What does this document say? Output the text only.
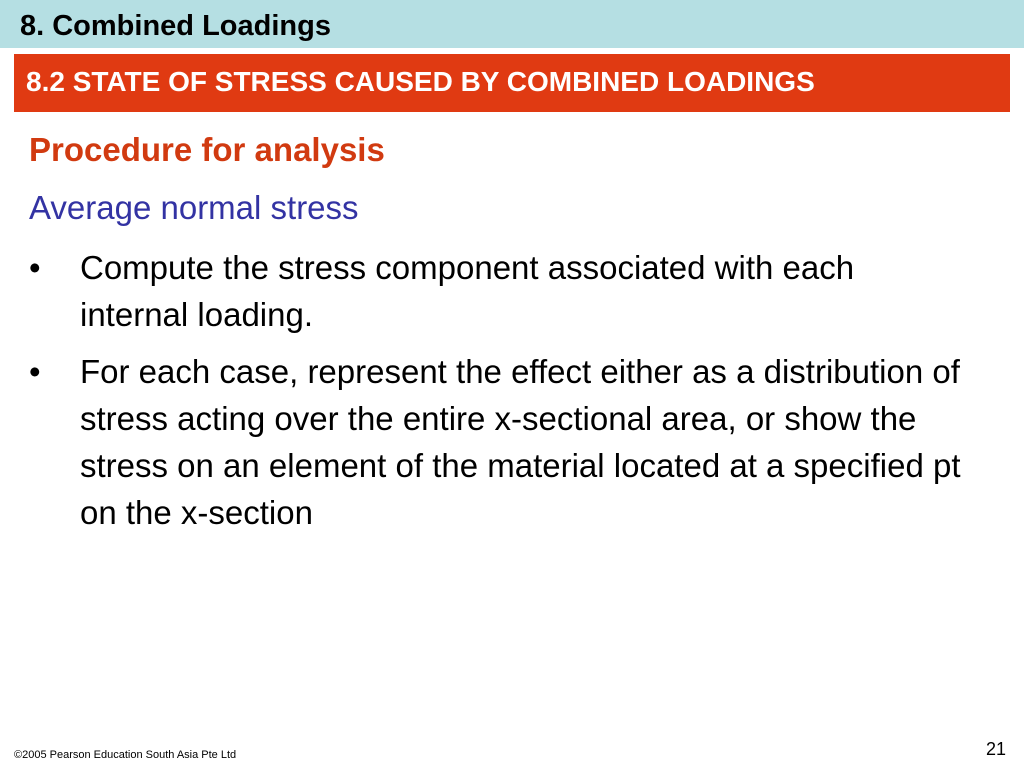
8. Combined Loadings
8.2 STATE OF STRESS CAUSED BY COMBINED LOADINGS
Procedure for analysis
Average normal stress
•	Compute the stress component associated with each internal loading.
•	For each case, represent the effect either as a distribution of stress acting over the entire x-sectional area, or show the stress on an element of the material located at a specified pt on the x-section
©2005 Pearson Education South Asia Pte Ltd	21
